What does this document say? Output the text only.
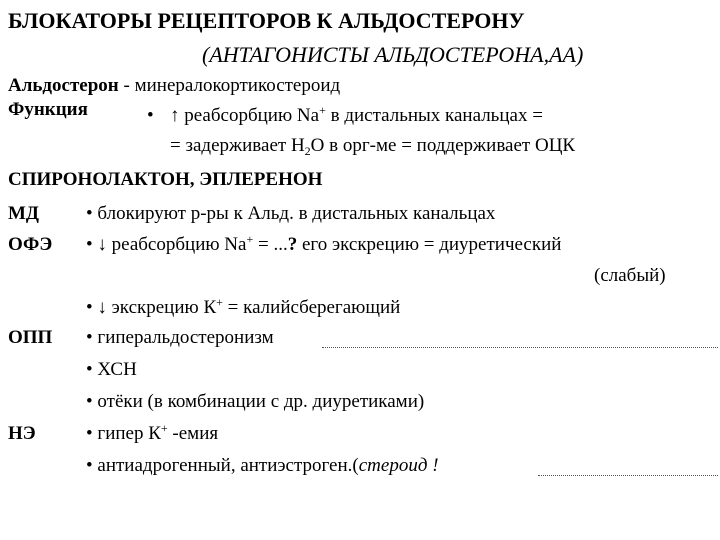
БЛОКАТОРЫ РЕЦЕПТОРОВ К АЛЬДОСТЕРОНУ
(АНТАГОНИСТЫ АЛЬДОСТЕРОНА,АА)
Альдостерон - минералокортикостероид
Функция	• ↑ реабсорбцию Na+ в дистальных канальцах =
= задерживает $H_2O$ в орг-ме = поддерживает ОЦК
СПИРОНОЛАКТОН, ЭПЛЕРЕНОН
МД • блокируют р-ры к Альд. в дистальных канальцах
ОФЭ • ↓ реабсорбцию Na+ = ...? его экскрецию = диуретический
(слабый)
• ↓ экскрецию К+ = калийсберегающий
ОПП • гиперальдостеронизм
• ХСН
• отёки (в комбинации с др. диуретиками)
НЭ	• гипер К+ -емия
• антиадрогенный, антиэстроген.(стероид !
